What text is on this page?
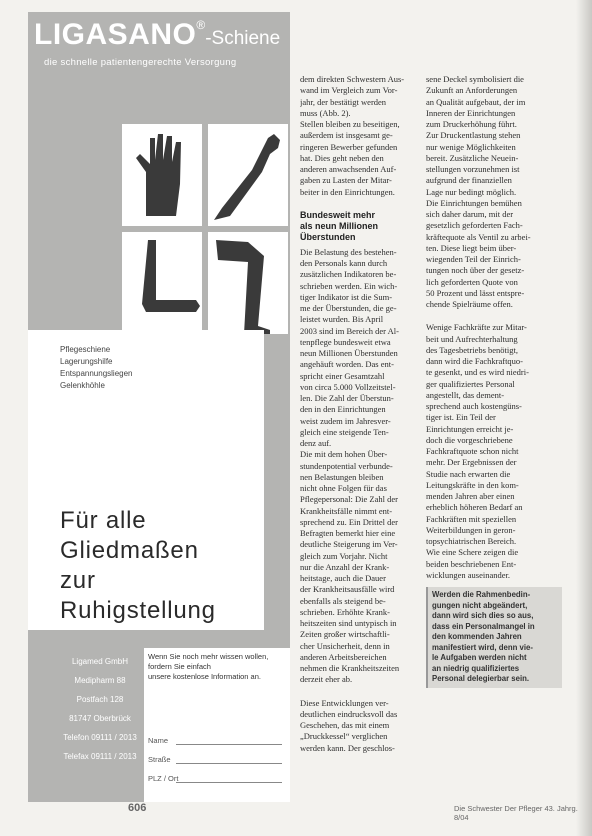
LIGASANO®-Schiene
die schnelle patientengerechte Versorgung
Pflegeschiene
Lagerungshilfe
Entspannungsliegen
Gelenkhöhle
Für alle
Gliedmaßen
zur
Ruhigstellung
Ligamed GmbH
Medipharm 88
Postfach 128
81747 Oberbrück
Telefon 09111 / 2013
Telefax 09111 / 2013
Wenn Sie noch mehr wissen wollen,
fordern Sie einfach
unsere kostenlose Information an.
Name
Straße
PLZ / Ort
dem direkten Schwestern Aus-
wand im Vergleich zum Vor-
jahr, der bestätigt werden
muss (Abb. 2).
Stellen bleiben zu beseitigen,
außerdem ist insgesamt ge-
ringeren Bewerber gefunden
hat. Dies geht neben den
anderen anwachsenden Auf-
gaben zu Lasten der Mitar-
beiter in den Einrichtungen.
Bundesweit mehr
als neun Millionen
Überstunden
Die Belastung des bestehen-
den Personals kann durch
zusätzlichen Indikatoren be-
schrieben werden. Ein wich-
tiger Indikator ist die Sum-
me der Überstunden, die ge-
leistet wurden. Bis April
2003 sind im Bereich der Al-
tenpflege bundesweit etwa
neun Millionen Überstunden
angehäuft worden. Das ent-
spricht einer Gesamtzahl
von circa 5.000 Vollzeitstel-
len. Die Zahl der Überstun-
den in den Einrichtungen
weist zudem im Jahresver-
gleich eine steigende Ten-
denz auf.
Die mit dem hohen Über-
stundenpotential verbunde-
nen Belastungen bleiben
nicht ohne Folgen für das
Pflegepersonal: Die Zahl der
Krankheitsfälle nimmt ent-
sprechend zu. Ein Drittel der
Befragten bemerkt hier eine
deutliche Steigerung im Ver-
gleich zum Vorjahr. Nicht
nur die Anzahl der Krank-
heitstage, auch die Dauer
der Krankheitsausfälle wird
ebenfalls als steigend be-
schrieben. Erhöhte Krank-
heitszeiten sind untypisch in
Zeiten großer wirtschaftli-
cher Unsicherheit, denn in
anderen Arbeitsbereichen
nehmen die Krankheitszeiten
derzeit eher ab.
Diese Entwicklungen ver-
deutlichen eindrucksvoll das
Geschehen, das mit einem
„Druckkessel“ verglichen
werden kann. Der geschlos-
sene Deckel symbolisiert die
Zukunft an Anforderungen
an Qualität aufgebaut, der im
Inneren der Einrichtungen
zum Druckerhöhung führt.
Zur Druckentlastung stehen
nur wenige Möglichkeiten
bereit. Zusätzliche Neuein-
stellungen vorzunehmen ist
aufgrund der finanziellen
Lage nur bedingt möglich.
Die Einrichtungen bemühen
sich daher darum, mit der
gesetzlich geforderten Fach-
kräftequote als Ventil zu arbei-
ten. Diese liegt beim über-
wiegenden Teil der Einrich-
tungen noch über der gesetz-
lich geforderten Quote von
50 Prozent und lässt entspre-
chende Spielräume offen.
Wenige Fachkräfte zur Mitar-
beit und Aufrechterhaltung
des Tagesbetriebs benötigt,
dann wird die Fachkraftquo-
te gesenkt, und es wird niedri-
ger qualifiziertes Personal
angestellt, das dement-
sprechend auch kostengüns-
tiger ist. Ein Teil der
Einrichtungen erreicht je-
doch die vorgeschriebene
Fachkraftquote schon nicht
mehr. Der Ergebnissen der
Studie nach erwarten die
Leitungskräfte in den kom-
menden Jahren aber einen
erheblich höheren Bedarf an
Fachkräften mit speziellen
Weiterbildungen in geron-
topsychiatrischen Bereich.
Wie eine Schere zeigen die
beiden beschriebenen Ent-
wicklungen auseinander.
Werden die Rahmenbedin-
gungen nicht abgeändert,
dann wird sich dies so aus,
dass ein Personalmangel in
den kommenden Jahren
manifestiert wird, denn vie-
le Aufgaben werden nicht
an niedrig qualifiziertes
Personal delegierbar sein.
606	Die Schwester Der Pfleger 43. Jahrg. 8/04
